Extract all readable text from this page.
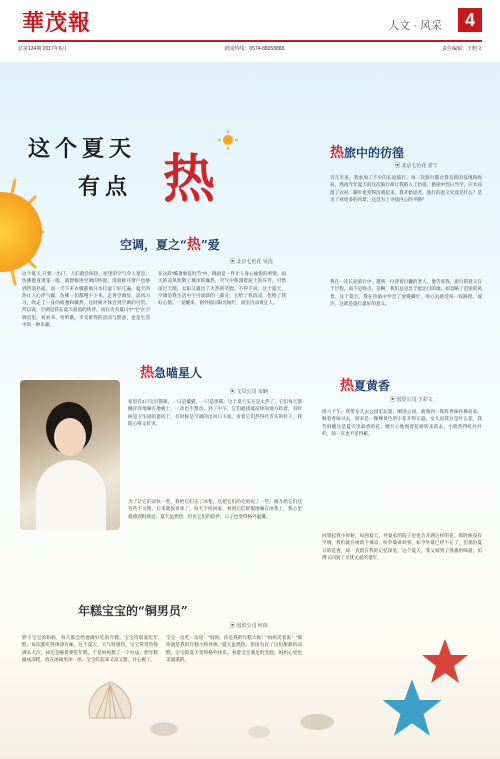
華茂報	人文 · 风采	4
总第134期 2017年6月	新闻热线：0574-88058888	责任编辑：王舸文
这个夏天
有点 热
空调，夏之“热”爱
▣ 北京七色花 吴沈
这个夏天,只要一出门，人们就会叫热。屋里的空气令人窒息，仿佛置身蒸笼一般，就想躲进空调的怀抱。清晨推开窗户也感到热浪扑面，而一天下来衣服都被汗水打湿了好几遍。夏天的热让人心浮气躁，仿佛一切都慢不下来。走进空调房，凉风习习，吹走了一身的疲惫和燥热。这时候才体会到空调的可贵。所以说，空调是我在夏天最爱的伙伴。而在炎炎夏日中“宅”在空调房里，看看书、听听歌，享受难得的清凉与惬意，也是生活中的一种乐趣。
在这段“酷暑象征时节”中，降雨是一件让人身心愉悦的事情。雨天的凉风吹散了城市的燥热，空气中弥漫着泥土的芬芳。可惜雨过天晴，太阳又露出了火热的笑脸。不得不说，这个夏天，空调是我生活中不可或缺的一部分，它给了我清凉，也给了我好心情。一觉醒来，窗外依旧阳光灿烂，而室内凉爽宜人。
热旅中的彷徨
▣ 北京七色花 姜宁
近几年来，我参加了不少的长途旅行。每一次旅行都让我有新的发现和收获。然而今年夏天的这次旅行却让我陷入了彷徨。旅途中烈日当空，汗水浸湿了衣衫，脚步也变得沉重起来。我开始思考，旅行的意义究竟是什么？是为了看更多的风景，还是为了寻找内心的平静？
我在一次长途旅行中，遇到一位背着行囊的老人，他告诉我，旅行的意义在于过程，而不是终点。是啊，我们总是急于抵达目的地，却忽略了沿途的风景。这个夏天，我在热旅中学会了放慢脚步，用心去感受每一段路程。或许，这就是旅行最好的意义。
热急喵星人
▣ 文员公司 余娴
家里有2只宝贝猫咪，一只是橘猫，一只是黑猫。这个夏天实在是太热了，它们每天都懒洋洋地躺在地板上，一动也不想动。到了中午，它们就找最凉快的地方趴着，有时候是卫生间的瓷砖上，有时候是空调的出风口下面。看着它们热得吐舌头的样子，我既心疼又好笑。
为了让它们凉快一些，我给它们买了冰垫，还把它们的毛剪短了一些。刚开始它们还有些不习惯，后来就很喜欢了。每天下班回家，看到它们舒服地躺在冰垫上，我心里就感到很满足。夏天虽然热，但有它们的陪伴，日子也变得格外温馨。
热夏黄香
▣ 国贸公司 王彩文
周六下午，我带女儿去公园里玩耍。刚进公园，就闻到一阵阵香味扑鼻而来。顺着香味寻去，原来是一棵棵黄色的小花开得正盛。女儿问我这是什么花，我告诉她这是夏天里最香的花。她开心地围着花树转来转去，小脸热得红扑扑的，却一点也不觉得累。
回想起我小时候，每到夏天，外婆家的院子里也会开满这样的花。那时候没有空调，我们就在树荫下乘凉，听外婆讲故事。如今外婆已经不在了，但那份夏日的花香，却一直留在我的记忆深处。这个夏天，我又闻到了熟悉的味道，仿佛又回到了无忧无虑的童年。
年糕宝宝的“铜男员”
▣ 国贸公司 何茵
胖子宝宝的妈妈，每天都会给他做好吃的年糕。宝宝特别爱吃年糕，每次都吃得津津有味。这个夏天，天气特别热，宝宝常常热得满头大汗，却还是缠着要吃年糕。于是妈妈想了一个办法，把年糕做成凉糕，放在冰箱里冰一冰，宝宝吃起来又凉又甜，开心极了。
宝宝一边吃一边说：“妈妈，你是我的年糕大师！”妈妈笑着说：“那你就是我的年糕小粉丝啦。”夏天虽然热，但因为有了这份甜甜的凉糕，宝宝的夏天变得格外快乐。看着宝宝满足的笑脸，妈妈心里也美滋滋的。
